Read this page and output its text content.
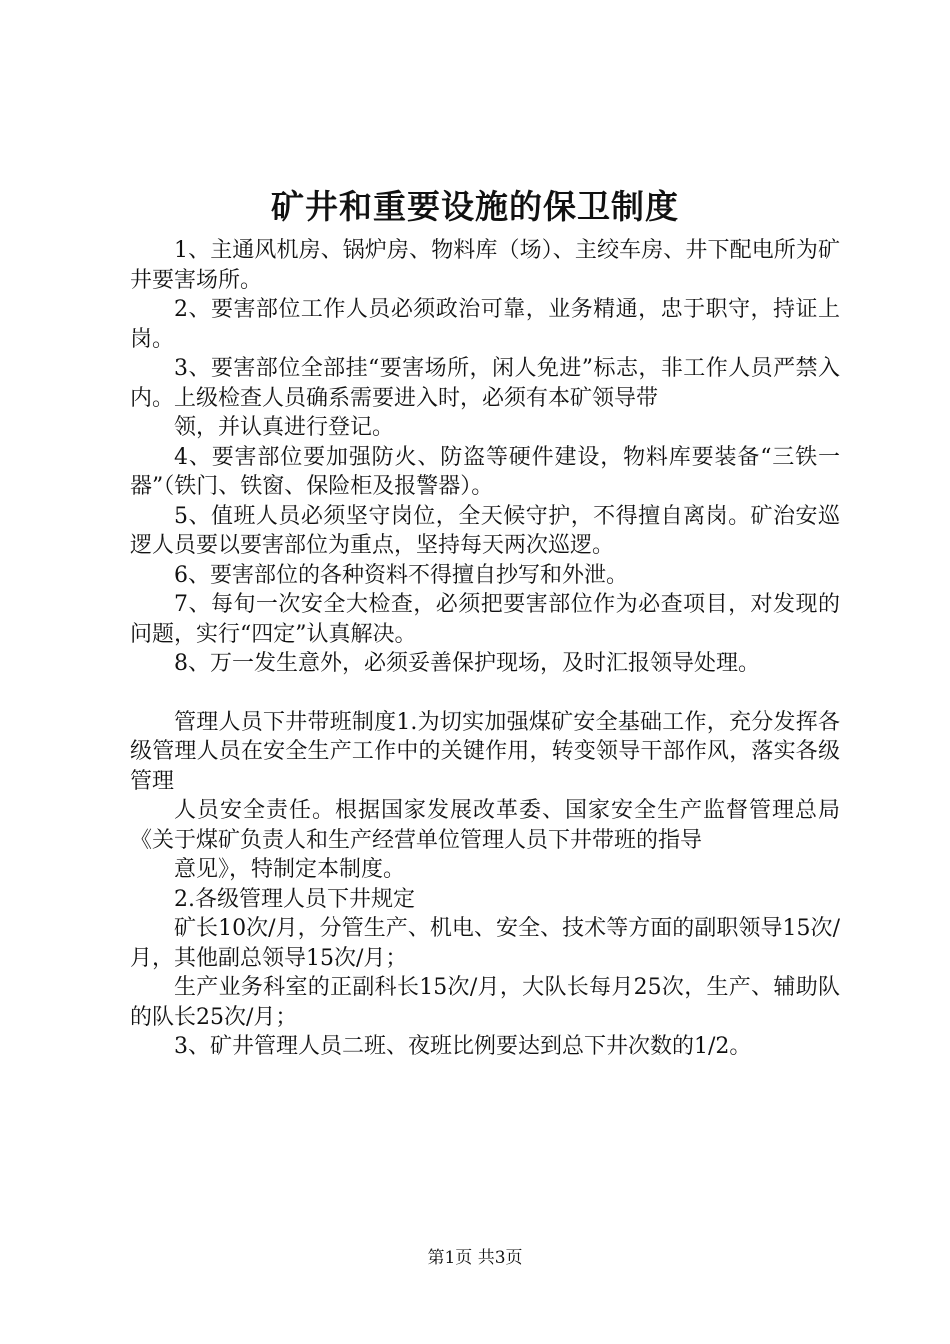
矿井和重要设施的保卫制度

1、主通风机房、锅炉房、物料库（场）、主绞车房、井下配电所为矿井要害场所。

2、要害部位工作人员必须政治可靠，业务精通，忠于职守，持证上岗。

3、要害部位全部挂“要害场所，闲人免进”标志，非工作人员严禁入内。上级检查人员确系需要进入时，必须有本矿领导带

领，并认真进行登记。

4、要害部位要加强防火、防盗等硬件建设，物料库要装备“三铁一器”（铁门、铁窗、保险柜及报警器）。

5、值班人员必须坚守岗位，全天候守护，不得擅自离岗。矿治安巡逻人员要以要害部位为重点，坚持每天两次巡逻。

6、要害部位的各种资料不得擅自抄写和外泄。

7、每旬一次安全大检查，必须把要害部位作为必查项目，对发现的问题，实行“四定”认真解决。

8、万一发生意外，必须妥善保护现场，及时汇报领导处理。

管理人员下井带班制度1.为切实加强煤矿安全基础工作，充分发挥各级管理人员在安全生产工作中的关键作用，转变领导干部作风，落实各级管理

人员安全责任。根据国家发展改革委、国家安全生产监督管理总局《关于煤矿负责人和生产经营单位管理人员下井带班的指导

意见》，特制定本制度。

2.各级管理人员下井规定

矿长10次/月，分管生产、机电、安全、技术等方面的副职领导15次/月，其他副总领导15次/月；

生产业务科室的正副科长15次/月，大队长每月25次，生产、辅助队的队长25次/月；

3、矿井管理人员二班、夜班比例要达到总下井次数的1/2。

第1页 共3页
